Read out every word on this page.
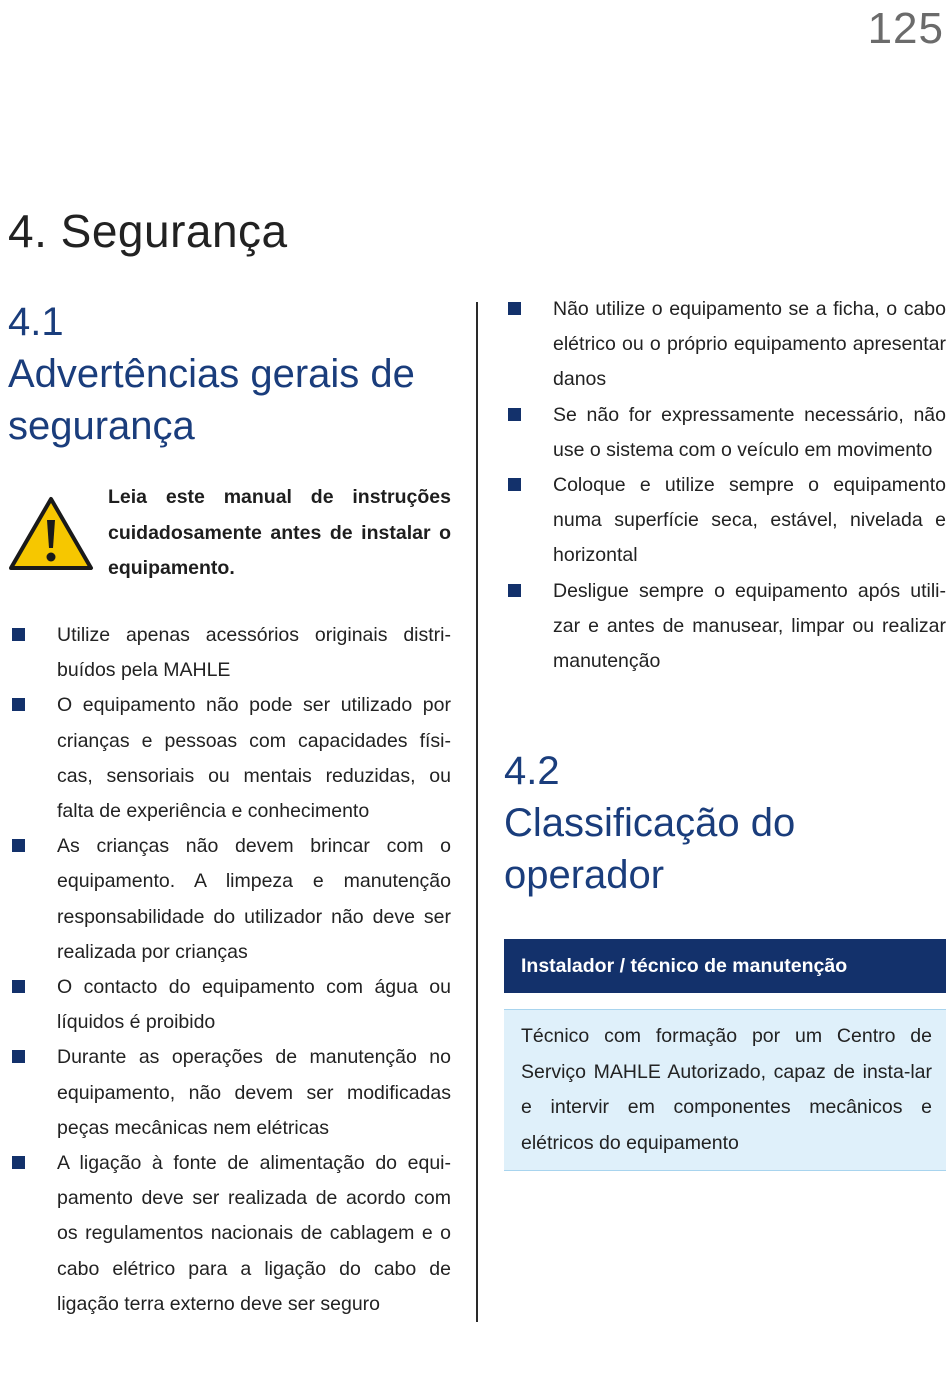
125
4. Segurança
4.1
Advertências gerais de
segurança
Leia este manual de instruções cuidadosamente antes de instalar o equipamento.
Utilize apenas acessórios originais distri-buídos pela MAHLE
O equipamento não pode ser utilizado por crianças e pessoas com capacidades físi-cas, sensoriais ou mentais reduzidas, ou falta de experiência e conhecimento
As crianças não devem brincar com o equipamento. A limpeza e manutenção responsabilidade do utilizador não deve ser realizada por crianças
O contacto do equipamento com água ou líquidos é proibido
Durante as operações de manutenção no equipamento, não devem ser modificadas peças mecânicas nem elétricas
A ligação à fonte de alimentação do equi-pamento deve ser realizada de acordo com os regulamentos nacionais de cablagem e o cabo elétrico para a ligação do cabo de ligação terra externo deve ser seguro
Não utilize o equipamento se a ficha, o cabo elétrico ou o próprio equipamento apresentar danos
Se não for expressamente necessário, não use o sistema com o veículo em movimento
Coloque e utilize sempre o equipamento numa superfície seca, estável, nivelada e horizontal
Desligue sempre o equipamento após utili-zar e antes de manusear, limpar ou realizar manutenção
4.2
Classificação do operador
Instalador / técnico de manutenção
Técnico com formação por um Centro de Serviço MAHLE Autorizado, capaz de insta-lar e intervir em componentes mecânicos e elétricos do equipamento
